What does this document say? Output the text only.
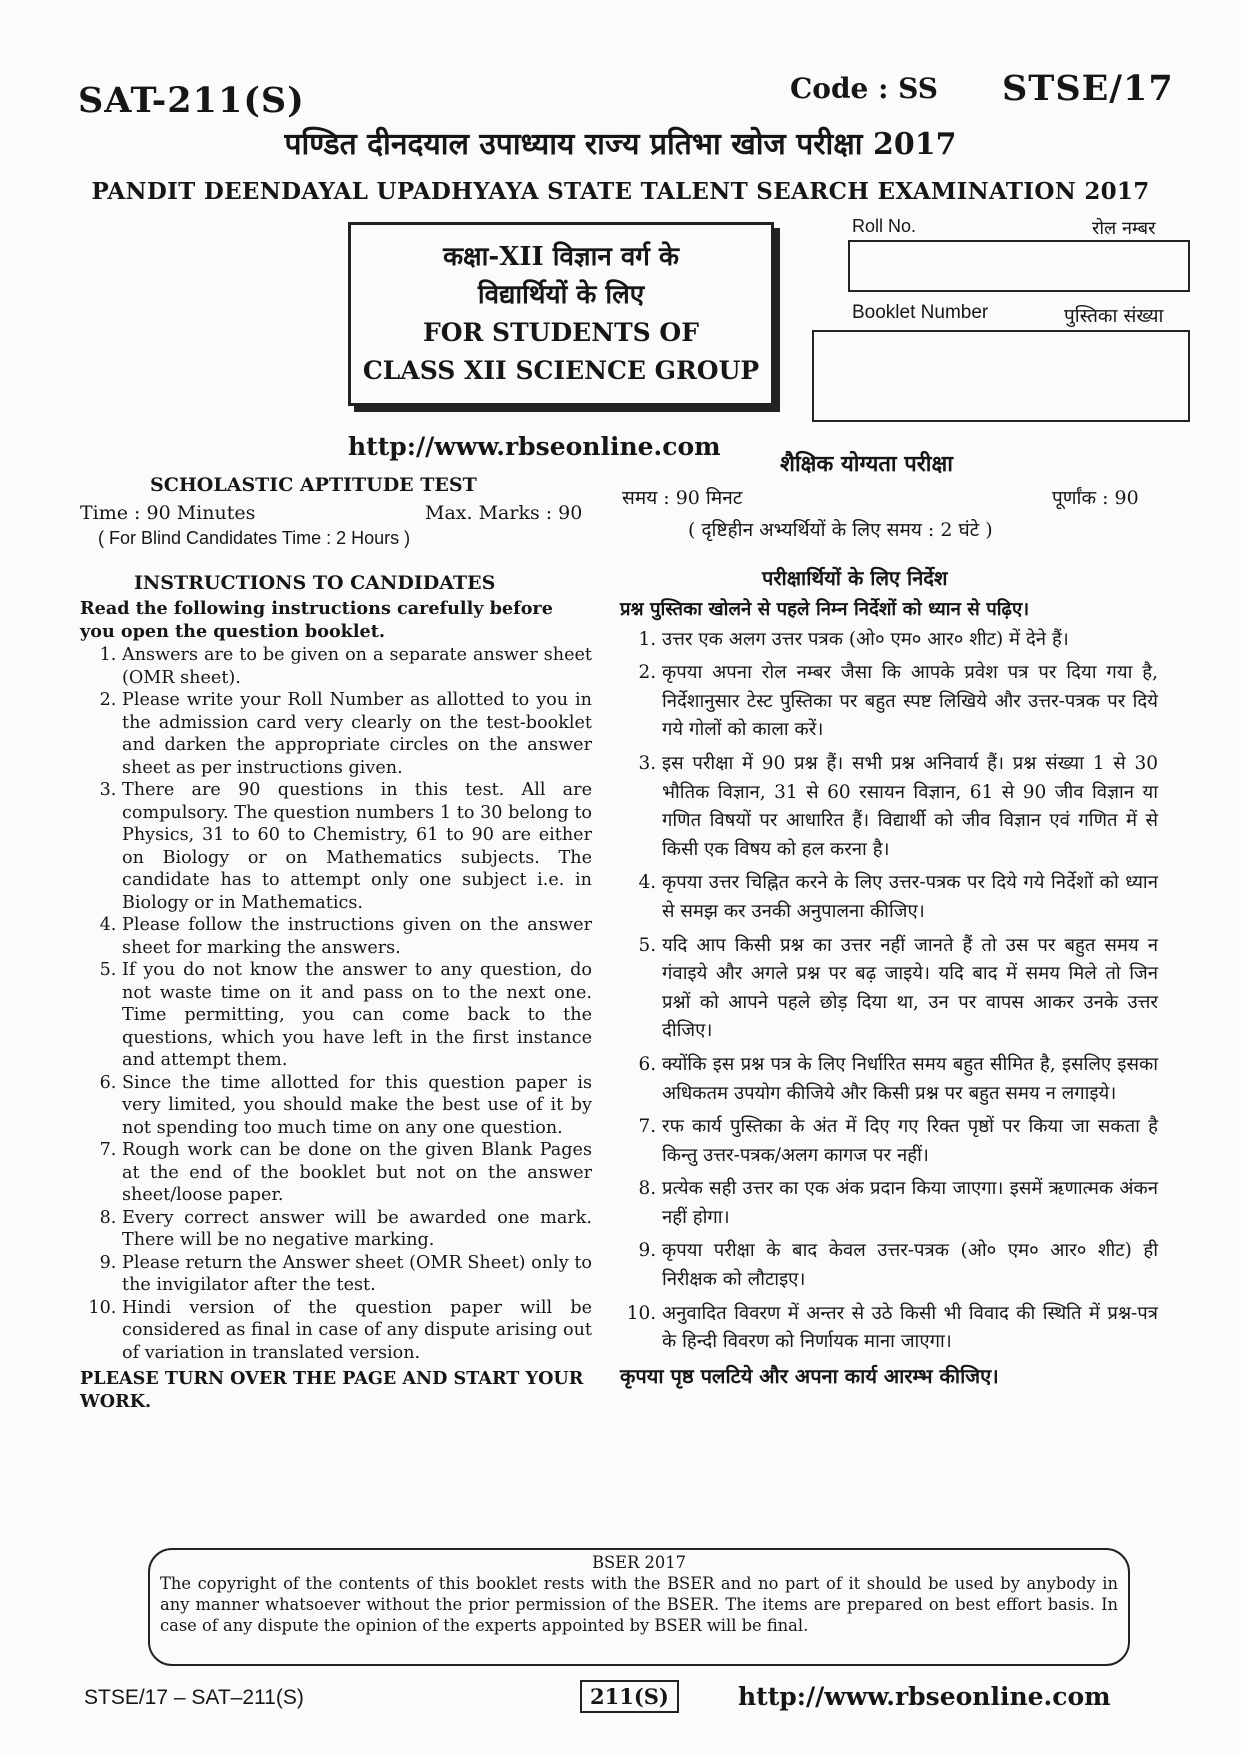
SAT-211(S)	Code : SS STSE/17
पण्डित दीनदयाल उपाध्याय राज्य प्रतिभा खोज परीक्षा 2017
PANDIT DEENDAYAL UPADHYAYA STATE TALENT SEARCH EXAMINATION 2017
कक्षा-XII विज्ञान वर्ग के
विद्यार्थियों के लिए
FOR STUDENTS OF
CLASS XII SCIENCE GROUP
Roll No.	रोल नम्बर
Booklet Number	पुस्तिका संख्या
http://www.rbseonline.com
शैक्षिक योग्यता परीक्षा
SCHOLASTIC APTITUDE TEST
Time : 90 Minutes	Max. Marks : 90
( For Blind Candidates Time : 2 Hours )
समय : 90 मिनट	पूर्णांक : 90
( दृष्टिहीन अभ्यर्थियों के लिए समय : 2 घंटे )
INSTRUCTIONS TO CANDIDATES	परीक्षार्थियों के लिए निर्देश
Read the following instructions carefully before you open the question booklet.
1. Answers are to be given on a separate answer sheet (OMR sheet).
2. Please write your Roll Number as allotted to you in the admission card very clearly on the test-booklet and darken the appropriate circles on the answer sheet as per instructions given.
3. There are 90 questions in this test. All are compulsory. The question numbers 1 to 30 belong to Physics, 31 to 60 to Chemistry, 61 to 90 are either on Biology or on Mathematics subjects. The candidate has to attempt only one subject i.e. in Biology or in Mathematics.
4. Please follow the instructions given on the answer sheet for marking the answers.
5. If you do not know the answer to any question, do not waste time on it and pass on to the next one. Time permitting, you can come back to the questions, which you have left in the first instance and attempt them.
6. Since the time allotted for this question paper is very limited, you should make the best use of it by not spending too much time on any one question.
7. Rough work can be done on the given Blank Pages at the end of the booklet but not on the answer sheet/loose paper.
8. Every correct answer will be awarded one mark. There will be no negative marking.
9. Please return the Answer sheet (OMR Sheet) only to the invigilator after the test.
10. Hindi version of the question paper will be considered as final in case of any dispute arising out of variation in translated version.
PLEASE TURN OVER THE PAGE AND START YOUR WORK.
प्रश्न पुस्तिका खोलने से पहले निम्न निर्देशों को ध्यान से पढ़िए।
1. उत्तर एक अलग उत्तर पत्रक (ओ० एम० आर० शीट) में देने हैं।
2. कृपया अपना रोल नम्बर जैसा कि आपके प्रवेश पत्र पर दिया गया है, निर्देशानुसार टेस्ट पुस्तिका पर बहुत स्पष्ट लिखिये और उत्तर-पत्रक पर दिये गये गोलों को काला करें।
3. इस परीक्षा में 90 प्रश्न हैं। सभी प्रश्न अनिवार्य हैं। प्रश्न संख्या 1 से 30 भौतिक विज्ञान, 31 से 60 रसायन विज्ञान, 61 से 90 जीव विज्ञान या गणित विषयों पर आधारित हैं। विद्यार्थी को जीव विज्ञान एवं गणित में से किसी एक विषय को हल करना है।
4. कृपया उत्तर चिह्नित करने के लिए उत्तर-पत्रक पर दिये गये निर्देशों को ध्यान से समझ कर उनकी अनुपालना कीजिए।
5. यदि आप किसी प्रश्न का उत्तर नहीं जानते हैं तो उस पर बहुत समय न गंवाइये और अगले प्रश्न पर बढ़ जाइये। यदि बाद में समय मिले तो जिन प्रश्नों को आपने पहले छोड़ दिया था, उन पर वापस आकर उनके उत्तर दीजिए।
6. क्योंकि इस प्रश्न पत्र के लिए निर्धारित समय बहुत सीमित है, इसलिए इसका अधिकतम उपयोग कीजिये और किसी प्रश्न पर बहुत समय न लगाइये।
7. रफ कार्य पुस्तिका के अंत में दिए गए रिक्त पृष्ठों पर किया जा सकता है किन्तु उत्तर-पत्रक/अलग कागज पर नहीं।
8. प्रत्येक सही उत्तर का एक अंक प्रदान किया जाएगा। इसमें ऋणात्मक अंकन नहीं होगा।
9. कृपया परीक्षा के बाद केवल उत्तर-पत्रक (ओ० एम० आर० शीट) ही निरीक्षक को लौटाइए।
10. अनुवादित विवरण में अन्तर से उठे किसी भी विवाद की स्थिति में प्रश्न-पत्र के हिन्दी विवरण को निर्णायक माना जाएगा।
कृपया पृष्ठ पलटिये और अपना कार्य आरम्भ कीजिए।
BSER 2017
The copyright of the contents of this booklet rests with the BSER and no part of it should be used by anybody in any manner whatsoever without the prior permission of the BSER. The items are prepared on best effort basis. In case of any dispute the opinion of the experts appointed by BSER will be final.
STSE/17 – SAT–211(S)	211(S)	http://www.rbseonline.com
